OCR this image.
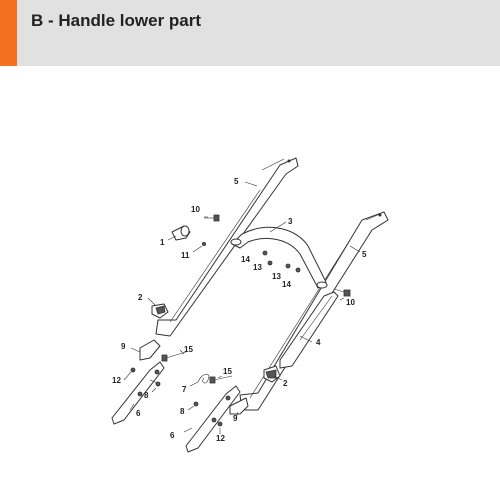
B - Handle lower part
5
10
3
1
11	14
13
5
13
14
2
10
4
9	15
15
12	2
7
8
8
6
9
6	12
